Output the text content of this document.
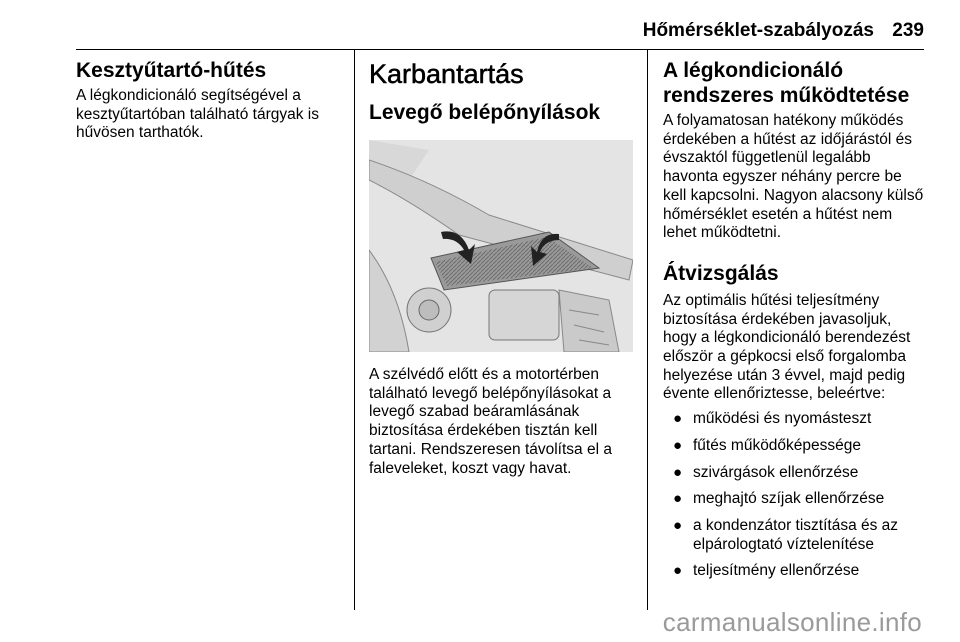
Hőmérséklet-szabályozás 239
Kesztyűtartó-hűtés

A légkondicionáló segítségével a kesztyűtartóban található tárgyak is hűvösen tarthatók.

Karbantartás
Levegő belépőnyílások

A szélvédő előtt és a motortérben található levegő belépőnyílásokat a levegő szabad beáramlásának biztosítása érdekében tisztán kell tartani. Rendszeresen távolítsa el a faleveleket, koszt vagy havat.

A légkondicionáló rendszeres működtetése

A folyamatosan hatékony működés érdekében a hűtést az időjárástól és évszaktól függetlenül legalább havonta egyszer néhány percre be kell kapcsolni. Nagyon alacsony külső hőmérséklet esetén a hűtést nem lehet működtetni.

Átvizsgálás

Az optimális hűtési teljesítmény biztosítása érdekében javasoljuk, hogy a légkondicionáló berendezést először a gépkocsi első forgalomba helyezése után 3 évvel, majd pedig évente ellenőriztesse, beleértve:

● működési és nyomásteszt
● fűtés működőképessége
● szivárgások ellenőrzése
● meghajtó szíjak ellenőrzése
● a kondenzátor tisztítása és az elpárologtató víztelenítése
● teljesítmény ellenőrzése
carmanualsonline.info
